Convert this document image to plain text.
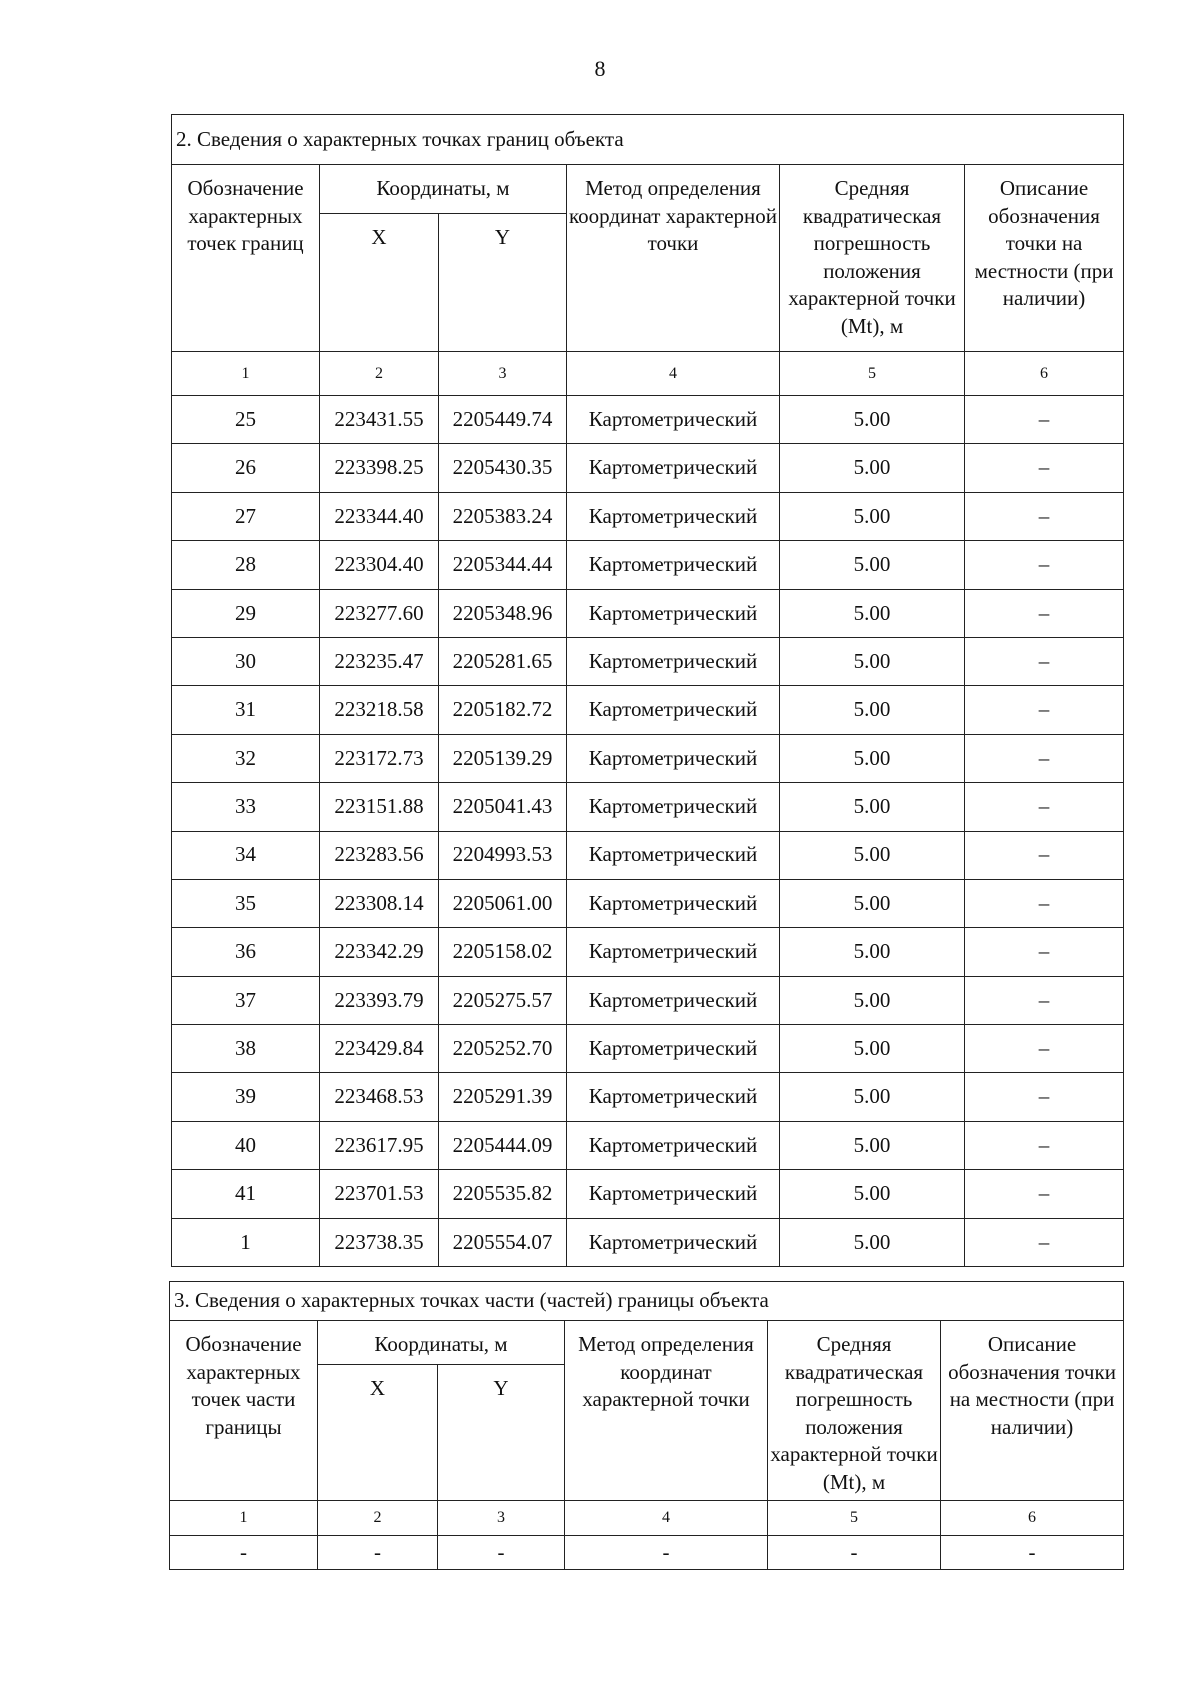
8
2. Сведения о характерных точках границ объекта					
Обозначение характерных точек границ	Координаты, м		Метод определения координат характерной точки	Средняя квадратическая погрешность положения характерной точки (Mt), м	Описание обозначения точки на местности (при наличии)
	X	Y			
1	2	3	4	5	6
25	223431.55	2205449.74	Картометрический	5.00	–
26	223398.25	2205430.35	Картометрический	5.00	–
27	223344.40	2205383.24	Картометрический	5.00	–
28	223304.40	2205344.44	Картометрический	5.00	–
29	223277.60	2205348.96	Картометрический	5.00	–
30	223235.47	2205281.65	Картометрический	5.00	–
31	223218.58	2205182.72	Картометрический	5.00	–
32	223172.73	2205139.29	Картометрический	5.00	–
33	223151.88	2205041.43	Картометрический	5.00	–
34	223283.56	2204993.53	Картометрический	5.00	–
35	223308.14	2205061.00	Картометрический	5.00	–
36	223342.29	2205158.02	Картометрический	5.00	–
37	223393.79	2205275.57	Картометрический	5.00	–
38	223429.84	2205252.70	Картометрический	5.00	–
39	223468.53	2205291.39	Картометрический	5.00	–
40	223617.95	2205444.09	Картометрический	5.00	–
41	223701.53	2205535.82	Картометрический	5.00	–
1	223738.35	2205554.07	Картометрический	5.00	–
3. Сведения о характерных точках части (частей) границы объекта					
Обозначение характерных точек части границы	Координаты, м		Метод определения координат характерной точки	Средняя квадратическая погрешность положения характерной точки (Mt), м	Описание обозначения точки на местности (при наличии)
	X	Y			
1	2	3	4	5	6
-	-	-	-	-	-
